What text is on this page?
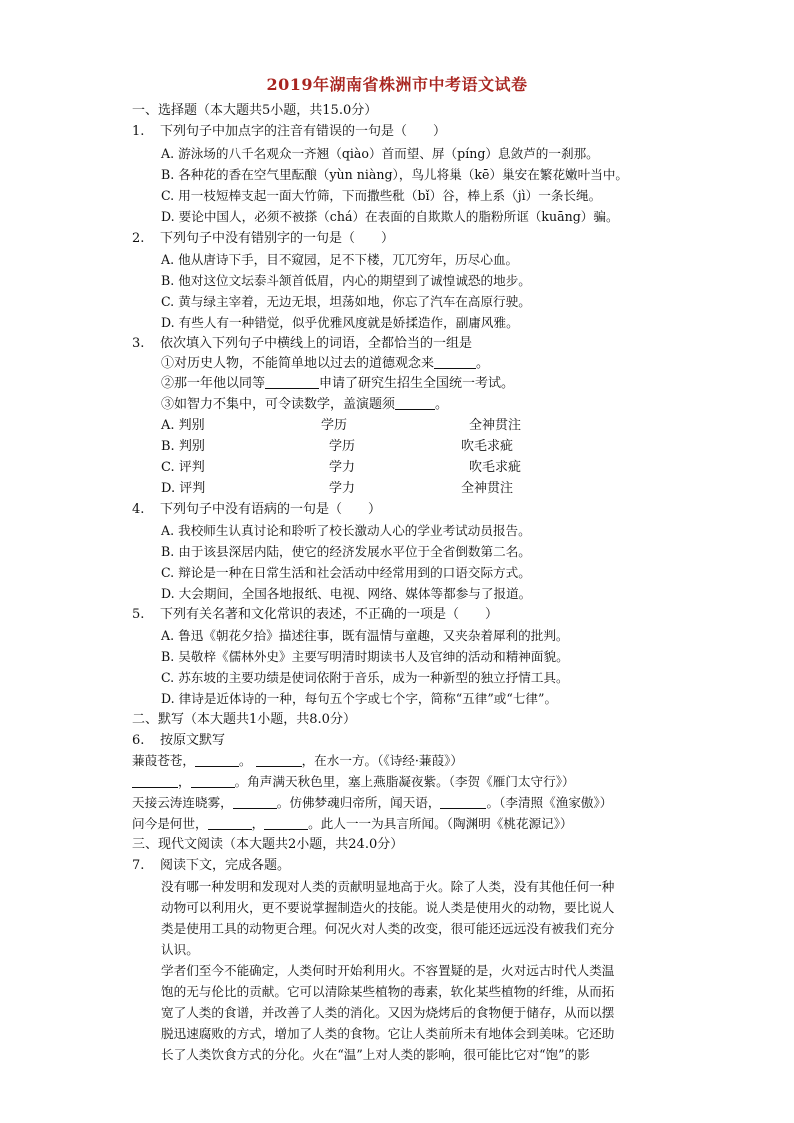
2019年湖南省株洲市中考语文试卷
一、选择题（本大题共5小题，共15.0分）
1. 下列句子中加点字的注音有错误的一句是（　　）
A. 游泳场的八千名观众一齐翘（qiào）首而望、屏（píng）息敛芦的一刹那。
B. 各种花的香在空气里酝酿（yùn niàng），鸟儿将巢（kē）巢安在繁花嫩叶当中。
C. 用一枝短棒支起一面大竹筛，下而撒些秕（bǐ）谷，棒上系（jì）一条长绳。
D. 要论中国人，必须不被搽（chá）在表面的自欺欺人的脂粉所诓（kuāng）骗。
2. 下列句子中没有错别字的一句是（　　）
A. 他从唐诗下手，目不窥园，足不下楼，兀兀穷年，历尽心血。
B. 他对这位文坛泰斗颔首低眉，内心的期望到了诚惶诚恐的地步。
C. 黄与绿主宰着，无边无垠，坦荡如地，你忘了汽车在高原行驶。
D. 有些人有一种错觉，似乎优雅风度就是娇揉造作，副庸风雅。
3. 依次填入下列句子中横线上的词语，全都恰当的一组是
①对历史人物，不能简单地以过去的道德观念来	。
②那一年他以同等	申请了研究生招生全国统一考试。
③如智力不集中，可令读数学，盖演题须	。
A. 判别	学历	全神贯注
B. 判别	学历	吹毛求疵
C. 评判	学力	吹毛求疵
D. 评判	学力	全神贯注
4. 下列句子中没有语病的一句是（　　）
A. 我校师生认真讨论和聆听了校长激动人心的学业考试动员报告。
B. 由于该县深居内陆，使它的经济发展水平位于全省倒数第二名。
C. 辩论是一种在日常生活和社会活动中经常用到的口语交际方式。
D. 大会期间，全国各地报纸、电视、网络、媒体等都参与了报道。
5. 下列有关名著和文化常识的表述，不正确的一项是（　　）
A. 鲁迅《朝花夕拾》描述往事，既有温情与童趣，又夹杂着犀利的批判。
B. 吴敬梓《儒林外史》主要写明清时期读书人及官绅的活动和精神面貌。
C. 苏东坡的主要功绩是使词依附于音乐，成为一种新型的独立抒情工具。
D. 律诗是近体诗的一种，每句五个字或七个字，简称“五律”或“七律”。
二、默写（本大题共1小题，共8.0分）
6. 按原文默写
蒹葭苍苍，	。	，在水一方。（《诗经·蒹葭》）
，	。角声满天秋色里，塞上燕脂凝夜紫。（李贺《雁门太守行》）
天接云涛连晓雾，	。仿佛梦魂归帝所，闻天语，	。（李清照《渔家傲》）
问今是何世，	，	。此人一一为具言所闻。（陶渊明《桃花源记》）
三、现代文阅读（本大题共2小题，共24.0分）
7. 阅读下文，完成各题。
没有哪一种发明和发现对人类的贡献明显地高于火。除了人类，没有其他任何一种
动物可以利用火，更不要说掌握制造火的技能。说人类是使用火的动物，要比说人
类是使用工具的动物更合理。何况火对人类的改变，很可能还远远没有被我们充分
认识。
学者们至今不能确定，人类何时开始利用火。不容置疑的是，火对远古时代人类温
饱的无与伦比的贡献。它可以清除某些植物的毒素，软化某些植物的纤维，从而拓
宽了人类的食谱，并改善了人类的消化。又因为烧烤后的食物便于储存，从而以摆
脱迅速腐败的方式，增加了人类的食物。它让人类前所未有地体会到美味。它还助
长了人类饮食方式的分化。火在“温”上对人类的影响，很可能比它对“饱”的影
